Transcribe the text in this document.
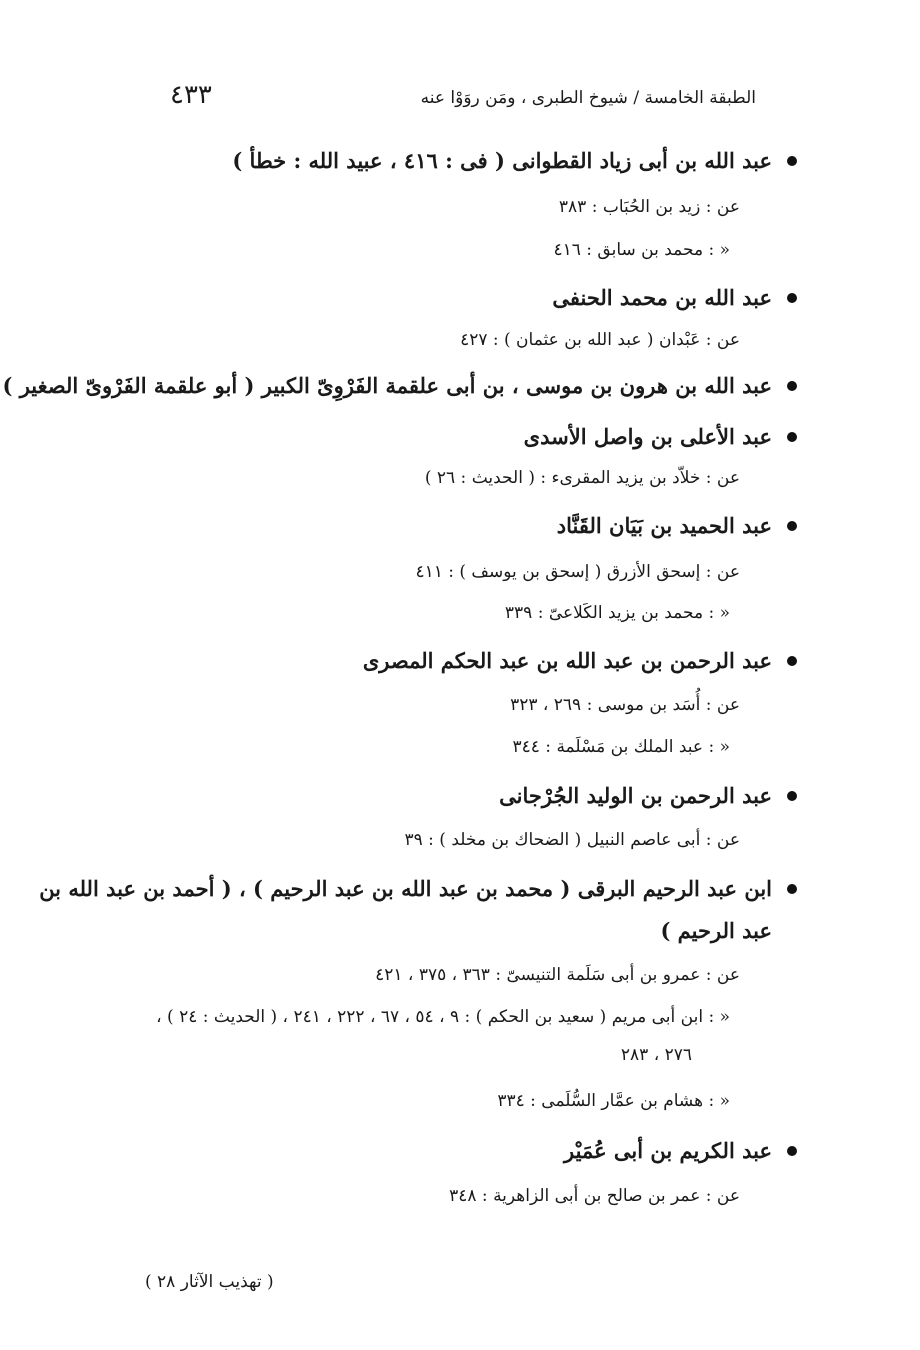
٤٣٣	الطبقة الخامسة / شيوخ الطبرى ، ومَن روَوْا عنه
عبد الله بن أبى زياد القطوانى ( فى : ٤١٦ ، عبيد الله : خطأ )
عن : زيد بن الحُبَاب : ٣٨٣
« : محمد بن سابق : ٤١٦
عبد الله بن محمد الحنفى
عن : عَبْدان ( عبد الله بن عثمان ) : ٤٢٧
عبد الله بن هرون بن موسى ، بن أبى علقمة الفَرْوِىّ الكبير ( أبو علقمة الفَرْوىّ الصغير )
عبد الأعلى بن واصل الأسدى
عن : خلاّد بن يزيد المقرىء : ( الحديث : ٢٦ )
عبد الحميد بن بَيَان القَنَّاد
عن : إسحق الأزرق ( إسحق بن يوسف ) : ٤١١
« : محمد بن يزيد الكَلاعىّ : ٣٣٩
عبد الرحمن بن عبد الله بن عبد الحكم المصرى
عن : أُسَد بن موسى : ٢٦٩ ، ٣٢٣
« : عبد الملك بن مَسْلَمة : ٣٤٤
عبد الرحمن بن الوليد الجُرْجانى
عن : أبى عاصم النبيل ( الضحاك بن مخلد ) : ٣٩
ابن عبد الرحيم البرقى ( محمد بن عبد الله بن عبد الرحيم ) ، ( أحمد بن عبد الله بن
عبد الرحيم )
عن : عمرو بن أبى سَلَمة التنيسىّ : ٣٦٣ ، ٣٧٥ ، ٤٢١
« : ابن أبى مريم ( سعيد بن الحكم ) : ٩ ، ٥٤ ، ٦٧ ، ٢٢٢ ، ٢٤١ ، ( الحديث : ٢٤ ) ،
٢٧٦ ، ٢٨٣
« : هشام بن عمَّار السُّلَمى : ٣٣٤
عبد الكريم بن أبى عُمَيْر
عن : عمر بن صالح بن أبى الزاهرية : ٣٤٨
( تهذيب الآثار ٢٨ )
